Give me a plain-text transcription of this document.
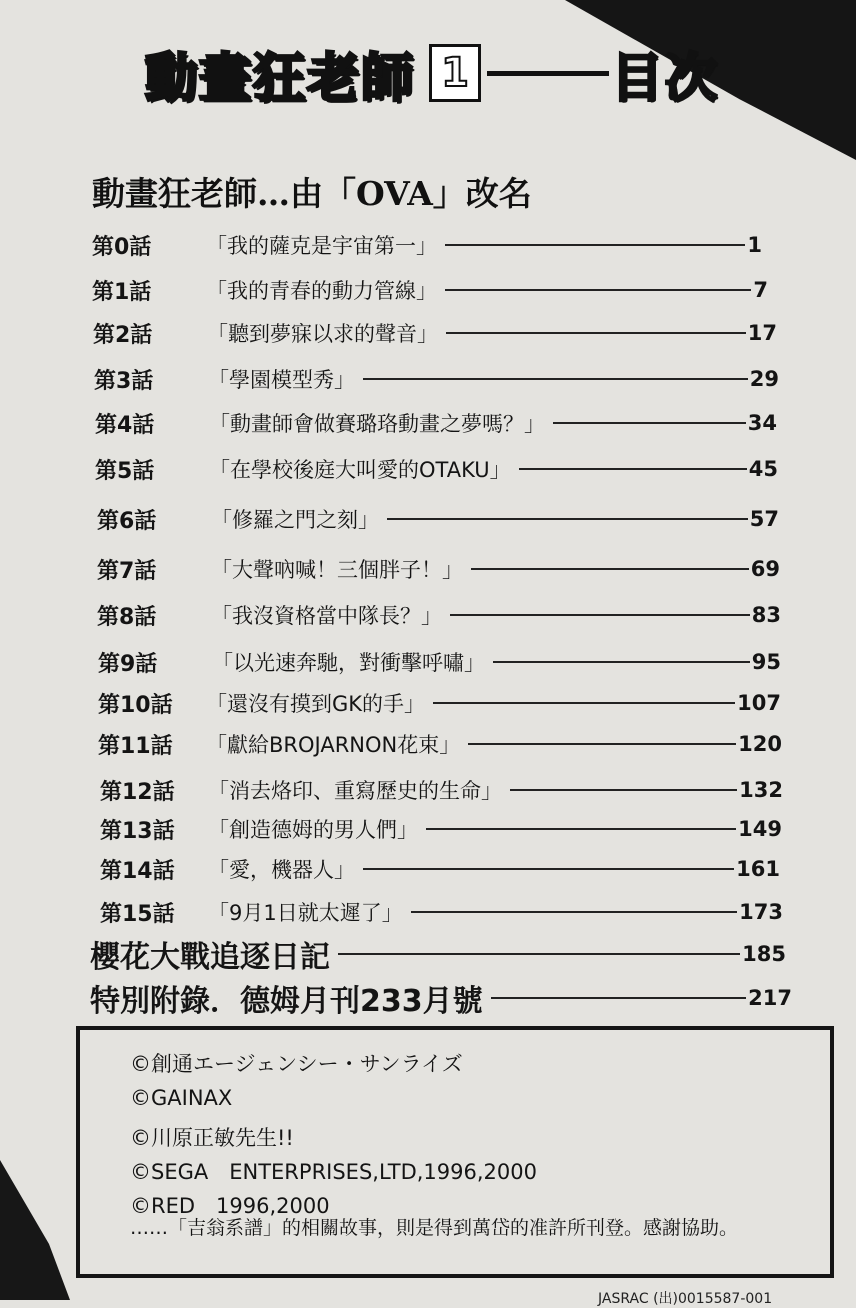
動畫狂老師 1	目次
動畫狂老師…由「OVA」改名
第0話	「我的薩克是宇宙第一」	1
第1話	「我的青春的動力管線」	7
第2話	「聽到夢寐以求的聲音」	17
第3話	「學園模型秀」	29
第4話	「動畫師會做賽璐珞動畫之夢嗎？」	34
第5話	「在學校後庭大叫愛的OTAKU」	45
第6話	「修羅之門之刻」	57
第7話	「大聲吶喊！三個胖子！」	69
第8話	「我沒資格當中隊長？」	83
第9話	「以光速奔馳，對衝擊呼嘯」	95
第10話	「還沒有摸到GK的手」	107
第11話	「獻給BROJARNON花束」	120
第12話	「消去烙印、重寫歷史的生命」	132
第13話	「創造德姆的男人們」	149
第14話	「愛，機器人」	161
第15話	「9月1日就太遲了」	173
櫻花大戰追逐日記	185
特別附錄．德姆月刊233月號	217
©創通エージェンシー・サンライズ
©GAINAX
©川原正敏先生!!
©SEGA　ENTERPRISES,LTD,1996,2000
©RED　1996,2000
……「吉翁系譜」的相關故事，則是得到萬岱的准許所刊登。感謝協助。
JASRAC (出)0015587-001
